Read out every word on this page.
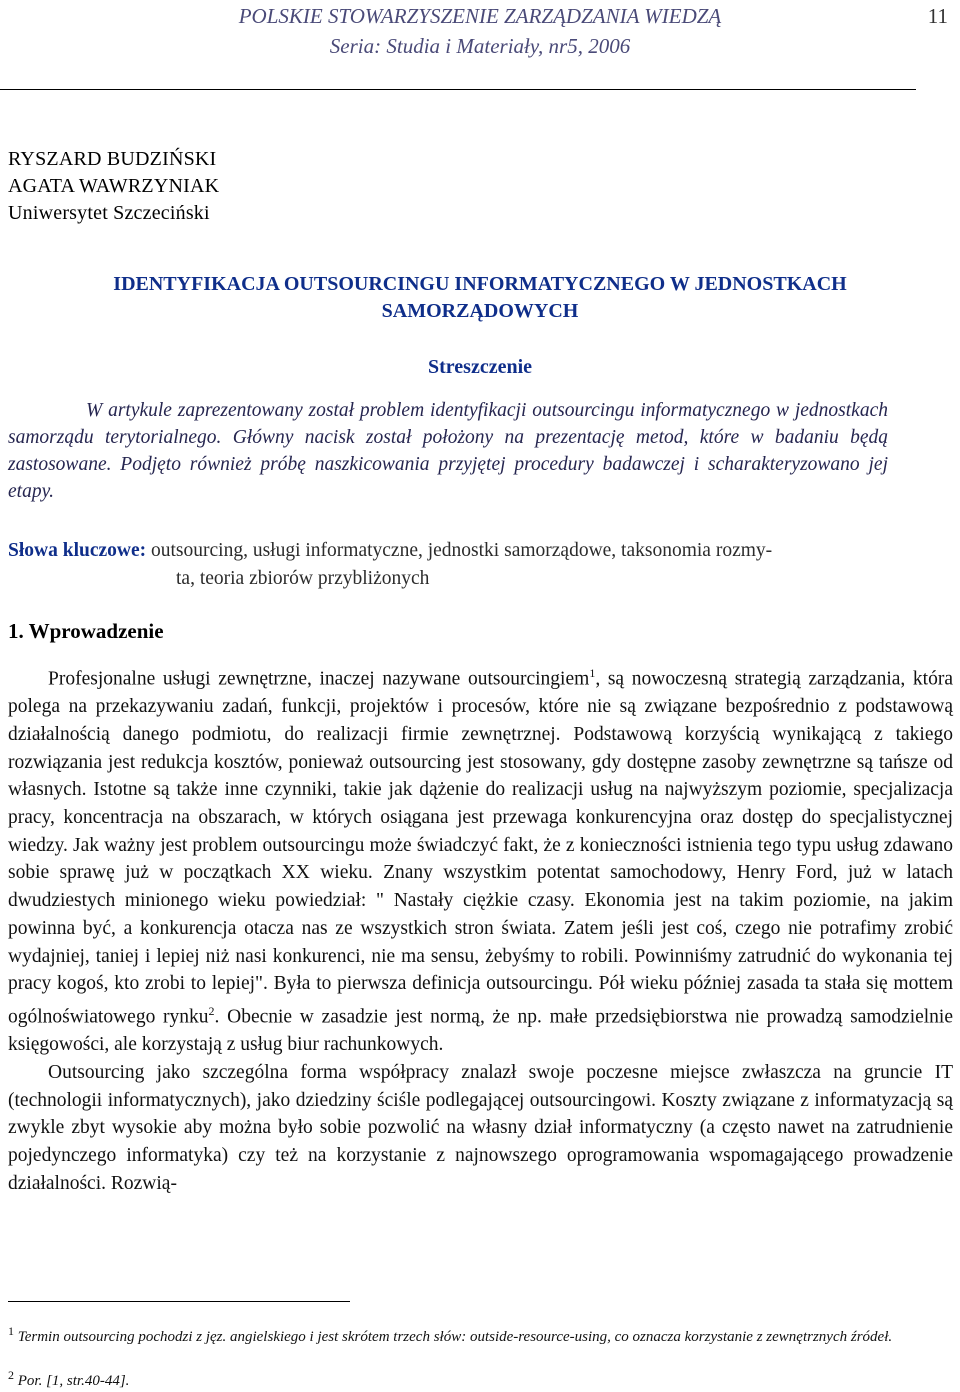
POLSKIE STOWARZYSZENIE ZARZĄDZANIA WIEDZĄ
Seria: Studia i Materiały, nr5, 2006
11
RYSZARD BUDZIŃSKI
AGATA WAWRZYNIAK
Uniwersytet Szczeciński
IDENTYFIKACJA OUTSOURCINGU INFORMATYCZNEGO W JEDNOSTKACH
SAMORZĄDOWYCH
Streszczenie

W artykule zaprezentowany został problem identyfikacji outsourcingu informatycznego w jednostkach samorządu terytorialnego. Główny nacisk został położony na prezentację metod, które w badaniu będą zastosowane. Podjęto również próbę naszkicowania przyjętej procedury badawczej i scharakteryzowano jej etapy.

Słowa kluczowe: outsourcing, usługi informatyczne, jednostki samorządowe, taksonomia rozmy-
ta, teoria zbiorów przybliżonych
1. Wprowadzenie

Profesjonalne usługi zewnętrzne, inaczej nazywane outsourcingiem$^1$, są nowoczesną strategią zarządzania, która polega na przekazywaniu zadań, funkcji, projektów i procesów, które nie są związane bezpośrednio z podstawową działalnością danego podmiotu, do realizacji firmie zewnętrznej. Podstawową korzyścią wynikającą z takiego rozwiązania jest redukcja kosztów, ponieważ outsourcing jest stosowany, gdy dostępne zasoby zewnętrzne są tańsze od własnych. Istotne są także inne czynniki, takie jak dążenie do realizacji usług na najwyższym poziomie, specjalizacja pracy, koncentracja na obszarach, w których osiągana jest przewaga konkurencyjna oraz dostęp do specjalistycznej wiedzy. Jak ważny jest problem outsourcingu może świadczyć fakt, że z konieczności istnienia tego typu usług zdawano sobie sprawę już w początkach XX wieku. Znany wszystkim potentat samochodowy, Henry Ford, już w latach dwudziestych minionego wieku powiedział: " Nastały ciężkie czasy. Ekonomia jest na takim poziomie, na jakim powinna być, a konkurencja otacza nas ze wszystkich stron świata. Zatem jeśli jest coś, czego nie potrafimy zrobić wydajniej, taniej i lepiej niż nasi konkurenci, nie ma sensu, żebyśmy to robili. Powinniśmy zatrudnić do wykonania tej pracy kogoś, kto zrobi to lepiej". Była to pierwsza definicja outsourcingu. Pół wieku później zasada ta stała się mottem ogólnoświatowego rynku$^2$. Obecnie w zasadzie jest normą, że np. małe przedsiębiorstwa nie prowadzą samodzielnie księgowości, ale korzystają z usług biur rachunkowych.

Outsourcing jako szczególna forma współpracy znalazł swoje poczesne miejsce zwłaszcza na gruncie IT (technologii informatycznych), jako dziedziny ściśle podlegającej outsourcingowi. Koszty związane z informatyzacją są zwykle zbyt wysokie aby można było sobie pozwolić na własny dział informatyczny (a często nawet na zatrudnienie pojedynczego informatyka) czy też na korzystanie z najnowszego oprogramowania wspomagającego prowadzenie działalności. Rozwią-

$^1$ Termin outsourcing pochodzi z jęz. angielskiego i jest skrótem trzech słów: outside-resource-using, co oznacza korzystanie z zewnętrznych źródeł.
$^2$ Por. [1, str.40-44].
